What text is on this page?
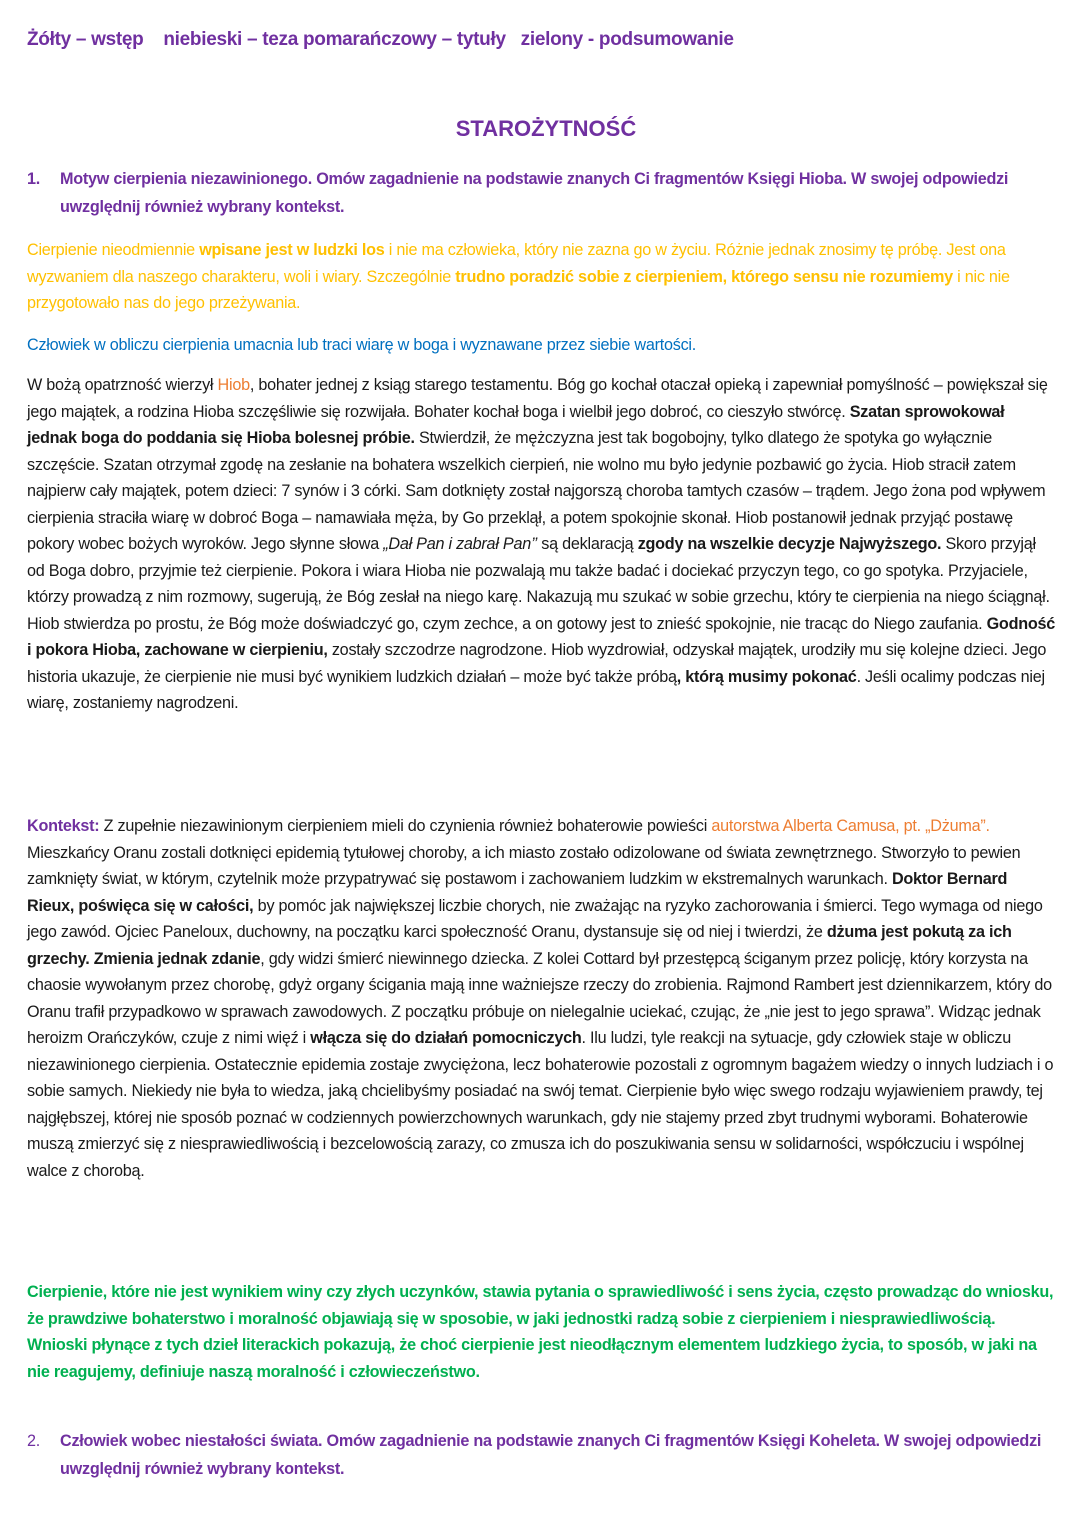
Żółty – wstęp    niebieski – teza pomarańczowy – tytuły   zielony - podsumowanie
STAROŻYTNOŚĆ
1.	Motyw cierpienia niezawinionego. Omów zagadnienie na podstawie znanych Ci fragmentów Księgi Hioba. W swojej odpowiedzi uwzględnij również wybrany kontekst.
Cierpienie nieodmiennie wpisane jest w ludzki los i nie ma człowieka, który nie zazna go w życiu. Różnie jednak znosimy tę próbę. Jest ona wyzwaniem dla naszego charakteru, woli i wiary. Szczególnie trudno poradzić sobie z cierpieniem, którego sensu nie rozumiemy i nic nie przygotowało nas do jego przeżywania.
Człowiek w obliczu cierpienia umacnia lub traci wiarę w boga i wyznawane przez siebie wartości.
W bożą opatrzność wierzył Hiob, bohater jednej z ksiąg starego testamentu. Bóg go kochał otaczał opieką i zapewniał pomyślność – powiększał się jego majątek, a rodzina Hioba szczęśliwie się rozwijała. Bohater kochał boga i wielbił jego dobroć, co cieszyło stwórcę. Szatan sprowokował jednak boga do poddania się Hioba bolesnej próbie. Stwierdził, że mężczyzna jest tak bogobojny, tylko dlatego że spotyka go wyłącznie szczęście. Szatan otrzymał zgodę na zesłanie na bohatera wszelkich cierpień, nie wolno mu było jedynie pozbawić go życia. Hiob stracił zatem najpierw cały majątek, potem dzieci: 7 synów i 3 córki. Sam dotknięty został najgorszą choroba tamtych czasów – trądem. Jego żona pod wpływem cierpienia straciła wiarę w dobroć Boga – namawiała męża, by Go przeklął, a potem spokojnie skonał. Hiob postanowił jednak przyjąć postawę pokory wobec bożych wyroków. Jego słynne słowa „Dał Pan i zabrał Pan’’ są deklaracją zgody na wszelkie decyzje Najwyższego. Skoro przyjął od Boga dobro, przyjmie też cierpienie. Pokora i wiara Hioba nie pozwalają mu także badać i dociekać przyczyn tego, co go spotyka. Przyjaciele, którzy prowadzą z nim rozmowy, sugerują, że Bóg zesłał na niego karę. Nakazują mu szukać w sobie grzechu, który te cierpienia na niego ściągnął. Hiob stwierdza po prostu, że Bóg może doświadczyć go, czym zechce, a on gotowy jest to znieść spokojnie, nie tracąc do Niego zaufania. Godność i pokora Hioba, zachowane w cierpieniu, zostały szczodrze nagrodzone. Hiob wyzdrowiał, odzyskał majątek, urodziły mu się kolejne dzieci. Jego historia ukazuje, że cierpienie nie musi być wynikiem ludzkich działań – może być także próbą, którą musimy pokonać. Jeśli ocalimy podczas niej wiarę, zostaniemy nagrodzeni.
Kontekst: Z zupełnie niezawinionym cierpieniem mieli do czynienia również bohaterowie powieści autorstwa Alberta Camusa, pt. „Dżuma”. Mieszkańcy Oranu zostali dotknięci epidemią tytułowej choroby, a ich miasto zostało odizolowane od świata zewnętrznego. Stworzyło to pewien zamknięty świat, w którym, czytelnik może przypatrywać się postawom i zachowaniem ludzkim w ekstremalnych warunkach. Doktor Bernard Rieux, poświęca się w całości, by pomóc jak największej liczbie chorych, nie zważając na ryzyko zachorowania i śmierci. Tego wymaga od niego jego zawód. Ojciec Paneloux, duchowny, na początku karci społeczność Oranu, dystansuje się od niej i twierdzi, że dżuma jest pokutą za ich grzechy. Zmienia jednak zdanie, gdy widzi śmierć niewinnego dziecka. Z kolei Cottard był przestępcą ściganym przez policję, który korzysta na chaosie wywołanym przez chorobę, gdyż organy ścigania mają inne ważniejsze rzeczy do zrobienia. Rajmond Rambert jest dziennikarzem, który do Oranu trafił przypadkowo w sprawach zawodowych. Z początku próbuje on nielegalnie uciekać, czując, że „nie jest to jego sprawa”. Widząc jednak heroizm Orańczyków, czuje z nimi więź i włącza się do działań pomocniczych. Ilu ludzi, tyle reakcji na sytuacje, gdy człowiek staje w obliczu niezawinionego cierpienia. Ostatecznie epidemia zostaje zwyciężona, lecz bohaterowie pozostali z ogromnym bagażem wiedzy o innych ludziach i o sobie samych. Niekiedy nie była to wiedza, jaką chcielibyśmy posiadać na swój temat. Cierpienie było więc swego rodzaju wyjawieniem prawdy, tej najgłębszej, której nie sposób poznać w codziennych powierzchownych warunkach, gdy nie stajemy przed zbyt trudnymi wyborami. Bohaterowie muszą zmierzyć się z niesprawiedliwością i bezcelowością zarazy, co zmusza ich do poszukiwania sensu w solidarności, współczuciu i wspólnej walce z chorobą.
Cierpienie, które nie jest wynikiem winy czy złych uczynków, stawia pytania o sprawiedliwość i sens życia, często prowadząc do wniosku, że prawdziwe bohaterstwo i moralność objawiają się w sposobie, w jaki jednostki radzą sobie z cierpieniem i niesprawiedliwością. Wnioski płynące z tych dzieł literackich pokazują, że choć cierpienie jest nieodłącznym elementem ludzkiego życia, to sposób, w jaki na nie reagujemy, definiuje naszą moralność i człowieczeństwo.
2.	Człowiek wobec niestałości świata. Omów zagadnienie na podstawie znanych Ci fragmentów Księgi Koheleta. W swojej odpowiedzi uwzględnij również wybrany kontekst.
